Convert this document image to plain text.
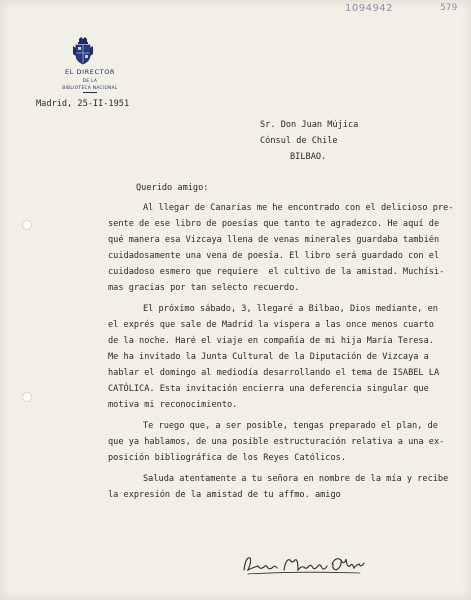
1094942	579
EL DIRECTOR
DE LA
BIBLIOTECA NACIONAL
Madrid, 25-II-1951
Sr. Don Juan Mújica
Cónsul de Chile
BILBAO.
Querido amigo:
Al llegar de Canarias me he encontrado con el delicioso pre-
sente de ese libro de poesías que tanto te agradezco. He aquí de
qué manera esa Vizcaya llena de venas minerales guardaba también
cuidadosamente una vena de poesía. El libro será guardado con el
cuidadoso esmero que requiere  el cultivo de la amistad. Muchísi-
mas gracias por tan selecto recuerdo.
El próximo sábado, 3, llegaré a Bilbao, Dios mediante, en
el exprés que sale de Madrid la víspera a las once menos cuarto
de la noche. Haré el viaje en compañía de mi hija María Teresa.
Me ha invitado la Junta Cultural de la Diputación de Vizcaya a
hablar el domingo al mediodía desarrollando el tema de ISABEL LA
CATÓLICA. Esta invitación encierra una deferencia singular que
motiva mi reconocimiento.
Te ruego que, a ser posible, tengas preparado el plan, de
que ya hablamos, de una posible estructuración relativa a una ex-
posición bibliográfica de los Reyes Católicos.
Saluda atentamente a tu señora en nombre de la mía y recibe
la expresión de la amistad de tu affmo. amigo
